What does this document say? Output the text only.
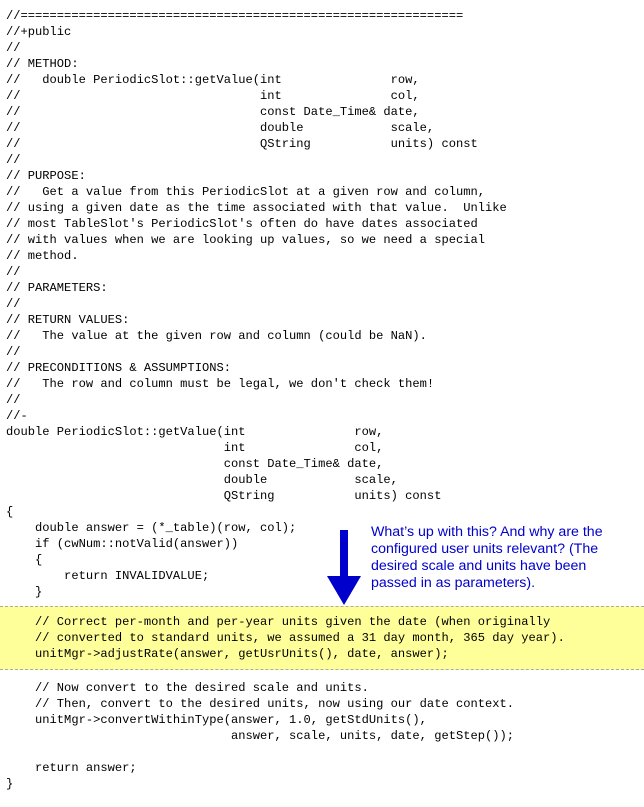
//=============================================================
//+public
//
// METHOD:
//   double PeriodicSlot::getValue(int               row,
//                                 int               col,
//                                 const Date_Time& date,
//                                 double            scale,
//                                 QString           units) const
//
// PURPOSE:
//   Get a value from this PeriodicSlot at a given row and column,
// using a given date as the time associated with that value.  Unlike
// most TableSlot's PeriodicSlot's often do have dates associated
// with values when we are looking up values, so we need a special
// method.
//
// PARAMETERS:
//
// RETURN VALUES:
//   The value at the given row and column (could be NaN).
//
// PRECONDITIONS & ASSUMPTIONS:
//   The row and column must be legal, we don't check them!
//
//-
double PeriodicSlot::getValue(int               row,
int               col,
const Date_Time& date,
double            scale,
QString           units) const
{
double answer = (*_table)(row, col);
if (cwNum::notValid(answer))
{
return INVALIDVALUE;
}
// Correct per-month and per-year units given the date (when originally
// converted to standard units, we assumed a 31 day month, 365 day year).
unitMgr->adjustRate(answer, getUsrUnits(), date, answer);
// Now convert to the desired scale and units.
// Then, convert to the desired units, now using our date context.
unitMgr->convertWithinType(answer, 1.0, getStdUnits(),
answer, scale, units, date, getStep());

return answer;
}
What’s up with this? And why are the configured user units relevant? (The desired scale and units have been passed in as parameters).
